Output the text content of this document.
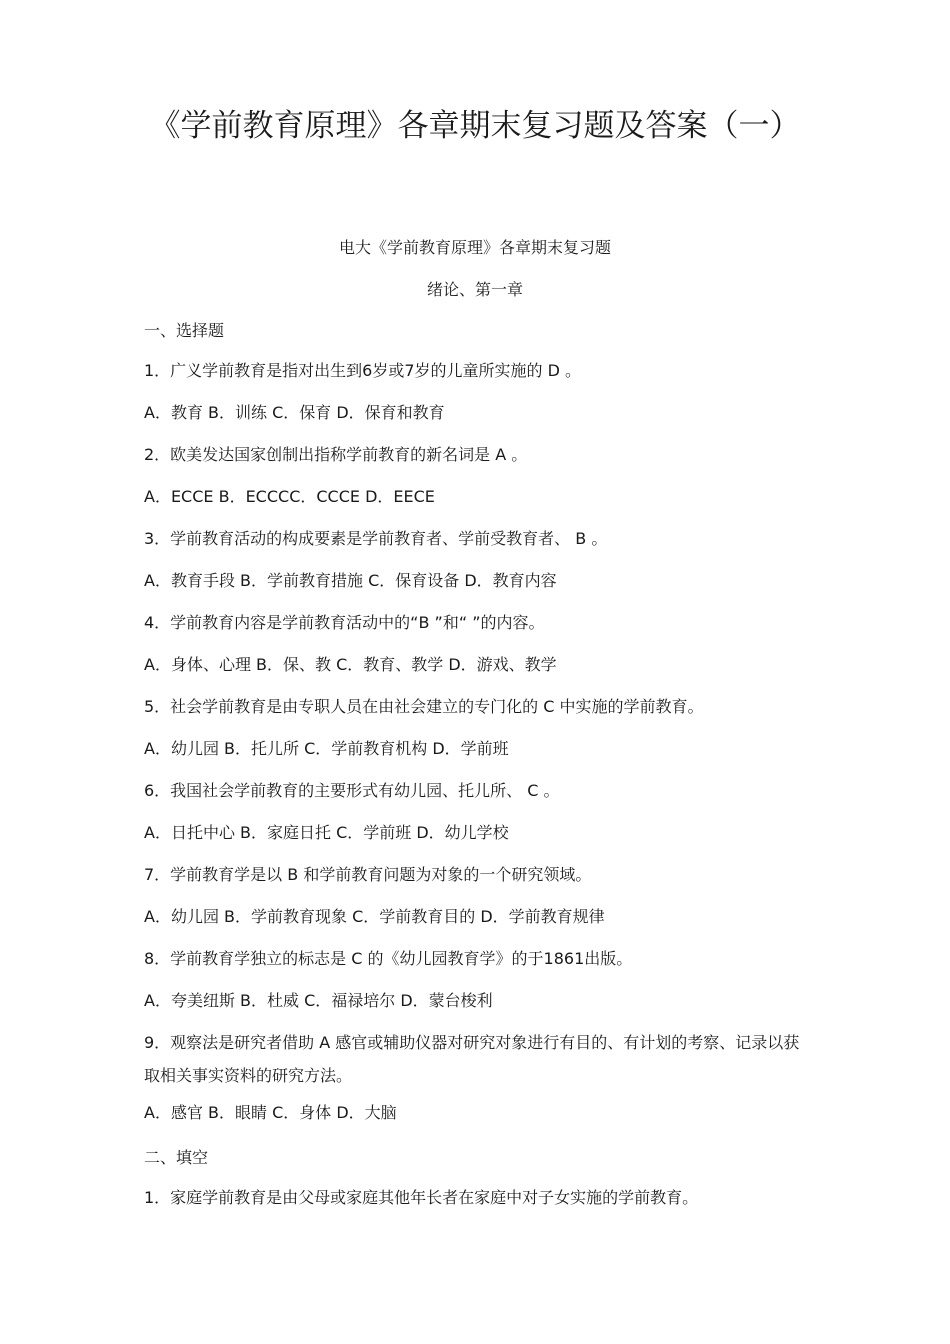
《学前教育原理》各章期末复习题及答案（一）
电大《学前教育原理》各章期末复习题
绪论、第一章
一、选择题
1．广义学前教育是指对出生到6岁或7岁的儿童所实施的 D 。
A．教育 B．训练 C．保育 D．保育和教育
2．欧美发达国家创制出指称学前教育的新名词是 A 。
A．ECCE B．ECCCC．CCCE D．EECE
3．学前教育活动的构成要素是学前教育者、学前受教育者、 B 。
A．教育手段 B．学前教育措施 C．保育设备 D．教育内容
4．学前教育内容是学前教育活动中的“B ”和“ ”的内容。
A．身体、心理 B．保、教 C．教育、教学 D．游戏、教学
5．社会学前教育是由专职人员在由社会建立的专门化的 C 中实施的学前教育。
A．幼儿园 B．托儿所 C．学前教育机构 D．学前班
6．我国社会学前教育的主要形式有幼儿园、托儿所、 C 。
A．日托中心 B．家庭日托 C．学前班 D．幼儿学校
7．学前教育学是以 B 和学前教育问题为对象的一个研究领域。
A．幼儿园 B．学前教育现象 C．学前教育目的 D．学前教育规律
8．学前教育学独立的标志是 C 的《幼儿园教育学》的于1861出版。
A．夸美纽斯 B．杜威 C．福禄培尔 D．蒙台梭利
9．观察法是研究者借助 A 感官或辅助仪器对研究对象进行有目的、有计划的考察、记录以获取相关事实资料的研究方法。
A．感官 B．眼睛 C．身体 D．大脑
二、填空
1．家庭学前教育是由父母或家庭其他年长者在家庭中对子女实施的学前教育。
